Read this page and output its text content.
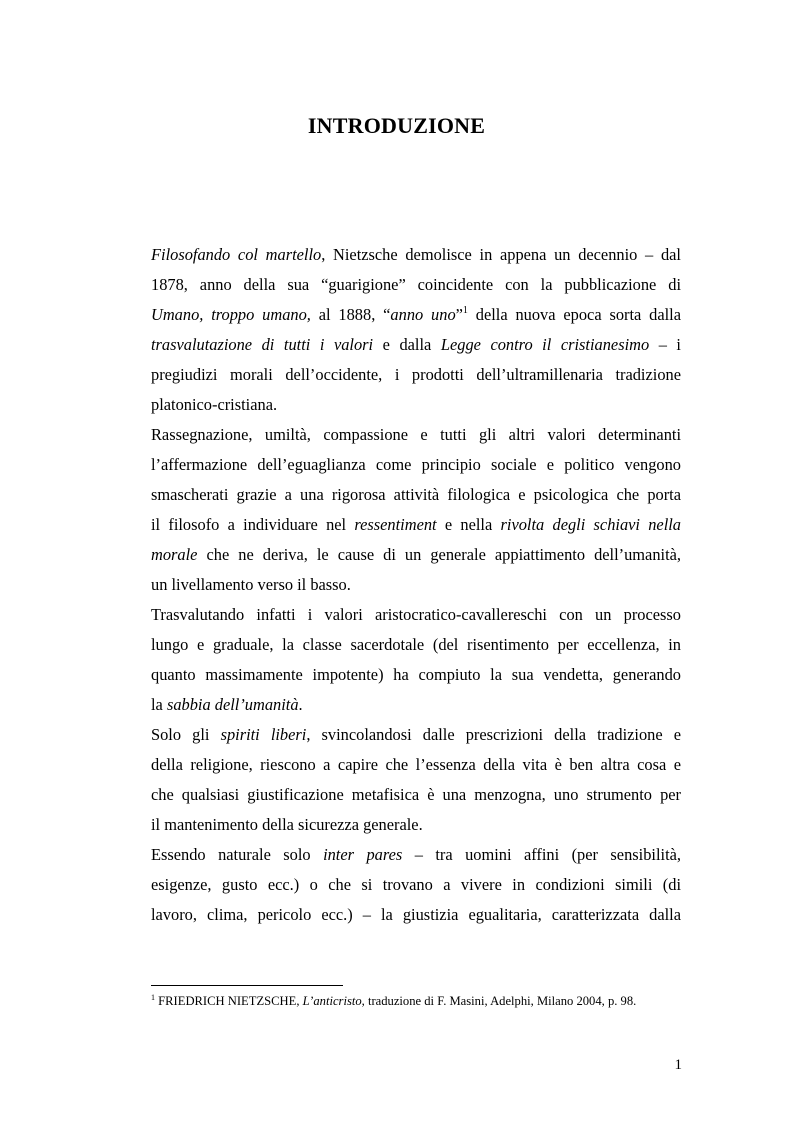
INTRODUZIONE
Filosofando col martello, Nietzsche demolisce in appena un decennio – dal
1878, anno della sua “guarigione” coincidente con la pubblicazione di
Umano, troppo umano, al 1888, “anno uno”$^1$ della nuova epoca sorta dalla
trasvalutazione di tutti i valori e dalla Legge contro il cristianesimo – i
pregiudizi morali dell’occidente, i prodotti dell’ultramillenaria tradizione
platonico-cristiana.
Rassegnazione, umiltà, compassione e tutti gli altri valori determinanti
l’affermazione dell’eguaglianza come principio sociale e politico vengono
smascherati grazie a una rigorosa attività filologica e psicologica che porta
il filosofo a individuare nel ressentiment e nella rivolta degli schiavi nella
morale che ne deriva, le cause di un generale appiattimento dell’umanità,
un livellamento verso il basso.
Trasvalutando infatti i valori aristocratico-cavallereschi con un processo
lungo e graduale, la classe sacerdotale (del risentimento per eccellenza, in
quanto massimamente impotente) ha compiuto la sua vendetta, generando
la sabbia dell’umanità.
Solo gli spiriti liberi, svincolandosi dalle prescrizioni della tradizione e
della religione, riescono a capire che l’essenza della vita è ben altra cosa e
che qualsiasi giustificazione metafisica è una menzogna, uno strumento per
il mantenimento della sicurezza generale.
Essendo naturale solo inter pares – tra uomini affini (per sensibilità,
esigenze, gusto ecc.) o che si trovano a vivere in condizioni simili (di
lavoro, clima, pericolo ecc.) – la giustizia egualitaria, caratterizzata dalla
$^1$ FRIEDRICH NIETZSCHE, L’anticristo, traduzione di F. Masini, Adelphi, Milano 2004, p. 98.
1
